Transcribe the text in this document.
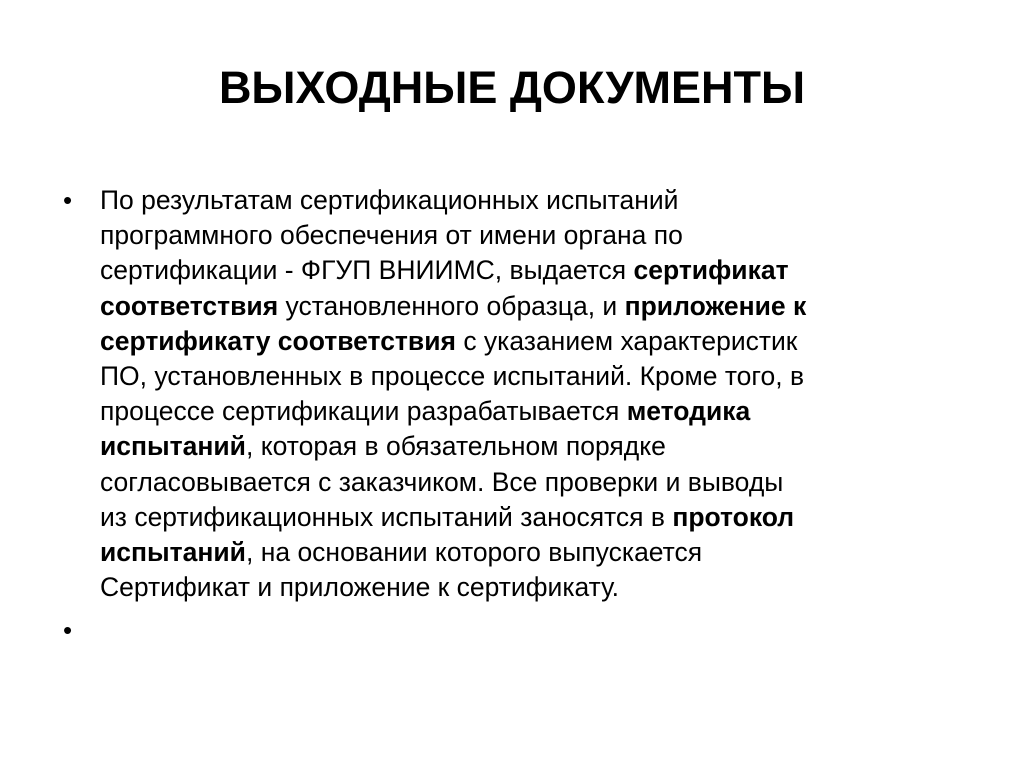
ВЫХОДНЫЕ ДОКУМЕНТЫ
• По результатам сертификационных испытаний
программного обеспечения от имени органа по
сертификации - ФГУП ВНИИМС, выдается сертификат
соответствия установленного образца, и приложение к
сертификату соответствия с указанием характеристик
ПО, установленных в процессе испытаний. Кроме того, в
процессе сертификации разрабатывается методика
испытаний, которая в обязательном порядке
согласовывается с заказчиком. Все проверки и выводы
из сертификационных испытаний заносятся в протокол
испытаний, на основании которого выпускается
Сертификат и приложение к сертификату.
•
